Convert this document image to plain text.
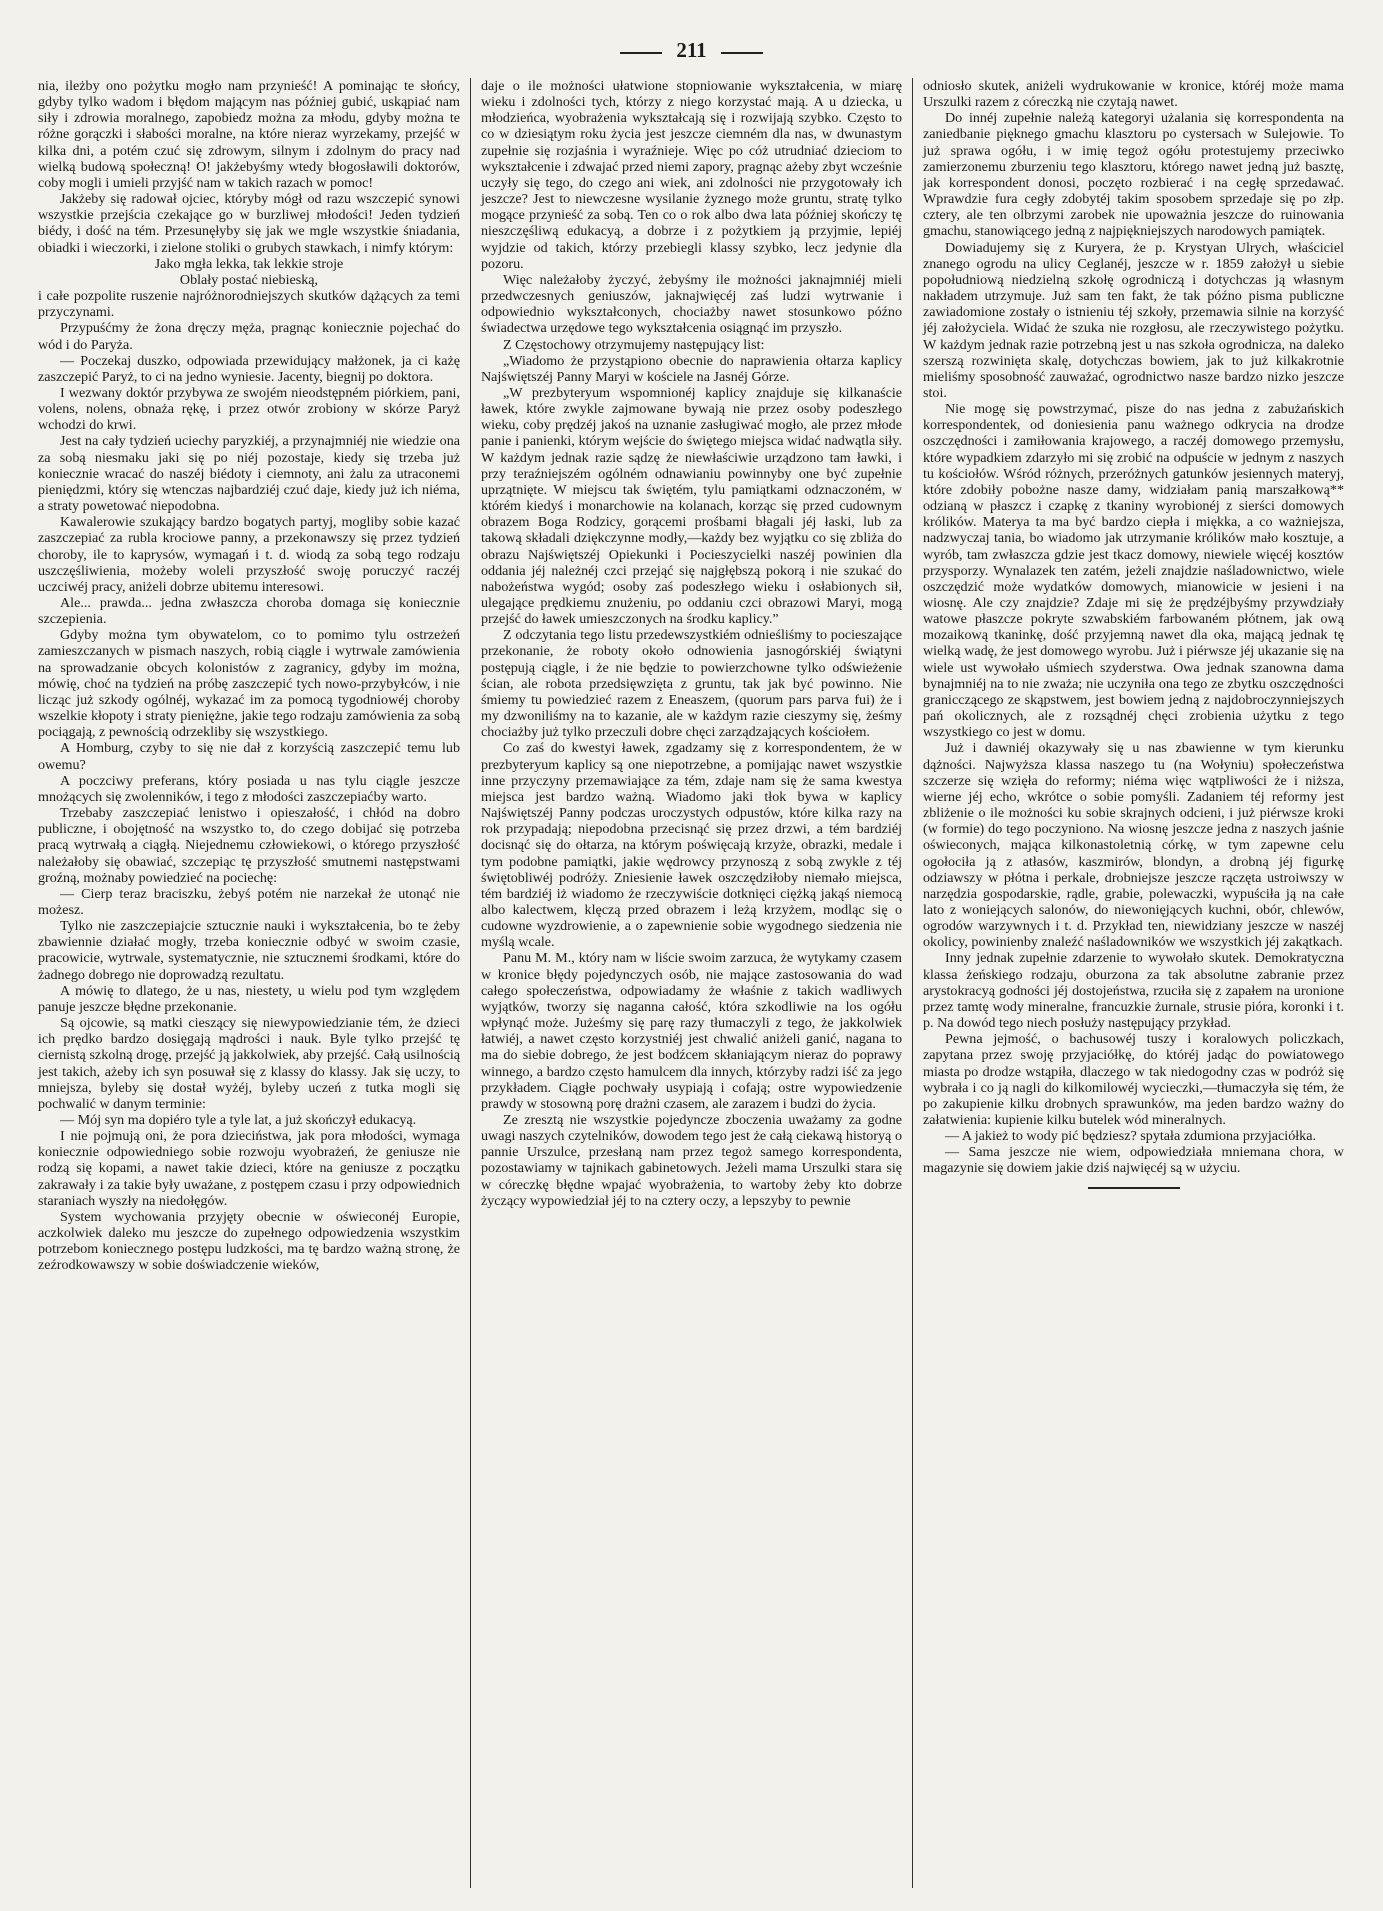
211

nia, ileżby ono pożytku mogło nam przynieść! A pominając te słońcy, gdyby tylko wadom i błędom mającym nas później gubić, uskąpiać nam siły i zdrowia moralnego, zapobiedz można za młodu, gdyby można te różne gorączki i słabości moralne, na które nieraz wyrzekamy, przejść w kilka dni, a potém czuć się zdrowym, silnym i zdolnym do pracy nad wielką budową społeczną! O! jakżebyśmy wtedy błogosławili doktorów, coby mogli i umieli przyjść nam w takich razach w pomoc!

Jakżeby się radował ojciec, któryby mógł od razu wszczepić synowi wszystkie przejścia czekające go w burzliwej młodości! Jeden tydzień biédy, i dość na tém. Przesunęłyby się jak we mgle wszystkie śniadania, obiadki i wieczorki, i zielone stoliki o grubych stawkach, i nimfy którym:

Jako mgła lekka, tak lekkie stroje

Oblały postać niebieską,

i całe pozpolite ruszenie najróżnorodniejszych skutków dążących za temi przyczynami.

Przypuśćmy że żona dręczy męża, pragnąc koniecznie pojechać do wód i do Paryża.

— Poczekaj duszko, odpowiada przewidujący małżonek, ja ci każę zaszczepić Paryż, to ci na jedno wyniesie. Jacenty, biegnij po doktora.

I wezwany doktór przybywa ze swojém nieodstępném piórkiem, pani, volens, nolens, obnaża rękę, i przez otwór zrobiony w skórze Paryż wchodzi do krwi.

Jest na cały tydzień uciechy paryzkiéj, a przynajmniéj nie wiedzie ona za sobą niesmaku jaki się po niéj pozostaje, kiedy się trzeba już koniecznie wracać do naszéj biédoty i ciemnoty, ani żalu za utraconemi pieniędzmi, który się wtenczas najbardziéj czuć daje, kiedy już ich niéma, a straty powetować niepodobna.

Kawalerowie szukający bardzo bogatych partyj, mogliby sobie kazać zaszczepiać za rubla krociowe panny, a przekonawszy się przez tydzień choroby, ile to kaprysów, wymagań i t. d. wiodą za sobą tego rodzaju uszczęśliwienia, możeby woleli przyszłość swoję poruczyć raczéj uczciwéj pracy, aniżeli dobrze ubitemu interesowi.

Ale... prawda... jedna zwłaszcza choroba domaga się koniecznie szczepienia.

Gdyby można tym obywatelom, co to pomimo tylu ostrzeżeń zamieszczanych w pismach naszych, robią ciągle i wytrwale zamówienia na sprowadzanie obcych kolonistów z zagranicy, gdyby im można, mówię, choć na tydzień na próbę zaszczepić tych nowo-przybyłców, i nie licząc już szkody ogólnéj, wykazać im za pomocą tygodniowéj choroby wszelkie kłopoty i straty pieniężne, jakie tego rodzaju zamówienia za sobą pociągają, z pewnością odrzekliby się wszystkiego.

A Homburg, czyby to się nie dał z korzyścią zaszczepić temu lub owemu?

A poczciwy preferans, który posiada u nas tylu ciągle jeszcze mnożących się zwolenników, i tego z młodości zaszczepiaćby warto.

Trzebaby zaszczepiać lenistwo i opieszałość, i chłód na dobro publiczne, i obojętność na wszystko to, do czego dobijać się potrzeba pracą wytrwałą a ciągłą. Niejednemu człowiekowi, o którego przyszłość należałoby się obawiać, szczepiąc tę przyszłość smutnemi następstwami groźną, możnaby powiedzieć na pociechę:

— Cierp teraz braciszku, żebyś potém nie narzekał że utonąć nie możesz.

Tylko nie zaszczepiajcie sztucznie nauki i wykształcenia, bo te żeby zbawiennie działać mogły, trzeba koniecznie odbyć w swoim czasie, pracowicie, wytrwale, systematycznie, nie sztucznemi środkami, które do żadnego dobrego nie doprowadzą rezultatu.

A mówię to dlatego, że u nas, niestety, u wielu pod tym względem panuje jeszcze błędne przekonanie.

Są ojcowie, są matki cieszący się niewypowiedzianie tém, że dzieci ich prędko bardzo dosięgają mądrości i nauk. Byle tylko przejść tę ciernistą szkolną drogę, przejść ją jakkolwiek, aby przejść. Całą usilnością jest takich, ażeby ich syn posuwał się z klassy do klassy. Jak się uczy, to mniejsza, byleby się dostał wyżéj, byleby uczeń z tutka mogli się pochwalić w danym terminie:

— Mój syn ma dopiéro tyle a tyle lat, a już skończył edukacyą.

I nie pojmują oni, że pora dzieciństwa, jak pora młodości, wymaga koniecznie odpowiedniego sobie rozwoju wyobrażeń, że geniusze nie rodzą się kopami, a nawet takie dzieci, które na geniusze z początku zakrawały i za takie były uważane, z postępem czasu i przy odpowiednich staraniach wyszły na niedołęgów.

System wychowania przyjęty obecnie w oświeconéj Europie, aczkolwiek daleko mu jeszcze do zupełnego odpowiedzenia wszystkim potrzebom koniecznego postępu ludzkości, ma tę bardzo ważną stronę, że zeźrodkowawszy w sobie doświadczenie wieków,

daje o ile możności ułatwione stopniowanie wykształcenia, w miarę wieku i zdolności tych, którzy z niego korzystać mają. A u dziecka, u młodzieńca, wyobrażenia wykształcają się i rozwijają szybko. Często to co w dziesiątym roku życia jest jeszcze ciemném dla nas, w dwunastym zupełnie się rozjaśnia i wyraźnieje. Więc po cóż utrudniać dzieciom to wykształcenie i zdwajać przed niemi zapory, pragnąc ażeby zbyt wcześnie uczyły się tego, do czego ani wiek, ani zdolności nie przygotowały ich jeszcze? Jest to niewczesne wysilanie żyznego może gruntu, stratę tylko mogące przynieść za sobą. Ten co o rok albo dwa lata później skończy tę nieszczęśliwą edukacyą, a dobrze i z pożytkiem ją przyjmie, lepiéj wyjdzie od takich, którzy przebiegli klassy szybko, lecz jedynie dla pozoru.

Więc należałoby życzyć, żebyśmy ile możności jaknajmniéj mieli przedwczesnych geniuszów, jaknajwięcéj zaś ludzi wytrwanie i odpowiednio wykształconych, chociażby nawet stosunkowo późno świadectwa urzędowe tego wykształcenia osiągnąć im przyszło.

Z Częstochowy otrzymujemy następujący list:

„Wiadomo że przystąpiono obecnie do naprawienia ołtarza kaplicy Najświętszéj Panny Maryi w kościele na Jasnéj Górze.

„W prezbyteryum wspomnionéj kaplicy znajduje się kilkanaście ławek, które zwykle zajmowane bywają nie przez osoby podeszłego wieku, coby prędzéj jakoś na uznanie zasługiwać mogło, ale przez młode panie i panienki, którym wejście do świętego miejsca widać nadwątla siły. W każdym jednak razie sądzę że niewłaściwie urządzono tam ławki, i przy teraźniejszém ogólném odnawianiu powinnyby one być zupełnie uprzątnięte. W miejscu tak świętém, tylu pamiątkami odznaczoném, w którém kiedyś i monarchowie na kolanach, korząc się przed cudownym obrazem Boga Rodzicy, gorącemi prośbami błagali jéj łaski, lub za takową składali dziękczynne modły,—każdy bez wyjątku co się zbliża do obrazu Najświętszéj Opiekunki i Pocieszycielki naszéj powinien dla oddania jéj należnéj czci przejąć się najgłębszą pokorą i nie szukać do nabożeństwa wygód; osoby zaś podeszłego wieku i osłabionych sił, ulegające prędkiemu znużeniu, po oddaniu czci obrazowi Maryi, mogą przejść do ławek umieszczonych na środku kaplicy.”

Z odczytania tego listu przedewszystkiém odnieśliśmy to pocieszające przekonanie, że roboty około odnowienia jasnogórskiéj świątyni postępują ciągle, i że nie będzie to powierzchowne tylko odświeżenie ścian, ale robota przedsięwzięta z gruntu, tak jak być powinno. Nie śmiemy tu powiedzieć razem z Eneaszem, (quorum pars parva fui) że i my dzwoniliśmy na to kazanie, ale w każdym razie cieszymy się, żeśmy chociażby już tylko przeczuli dobre chęci zarządzających kościołem.

Co zaś do kwestyi ławek, zgadzamy się z korrespondentem, że w prezbyteryum kaplicy są one niepotrzebne, a pomijając nawet wszystkie inne przyczyny przemawiające za tém, zdaje nam się że sama kwestya miejsca jest bardzo ważną. Wiadomo jaki tłok bywa w kaplicy Najświętszéj Panny podczas uroczystych odpustów, które kilka razy na rok przypadają; niepodobna przecisnąć się przez drzwi, a tém bardziéj docisnąć się do ołtarza, na którym poświęcają krzyże, obrazki, medale i tym podobne pamiątki, jakie wędrowcy przynoszą z sobą zwykle z téj świętobliwéj podróży. Zniesienie ławek oszczędziłoby niemało miejsca, tém bardziéj iż wiadomo że rzeczywiście dotknięci ciężką jakąś niemocą albo kalectwem, klęczą przed obrazem i leżą krzyżem, modląc się o cudowne wyzdrowienie, a o zapewnienie sobie wygodnego siedzenia nie myślą wcale.

Panu M. M., który nam w liście swoim zarzuca, że wytykamy czasem w kronice błędy pojedynczych osób, nie mające zastosowania do wad całego społeczeństwa, odpowiadamy że właśnie z takich wadliwych wyjątków, tworzy się nagannа całość, która szkodliwie na los ogółu wpłynąć może. Jużeśmy się parę razy tłumaczyli z tego, że jakkolwiek łatwiéj, a nawet często korzystniéj jest chwalić aniżeli ganić, nagana to ma do siebie dobrego, że jest bodźcem skłaniającym nieraz do poprawy winnego, a bardzo często hamulcem dla innych, którzyby radzi iść za jego przykładem. Ciągłe pochwały usypiają i cofają; ostre wypowiedzenie prawdy w stosowną porę drażni czasem, ale zarazem i budzi do życia.

Ze zresztą nie wszystkie pojedyncze zboczenia uważamy za godne uwagi naszych czytelników, dowodem tego jest że całą ciekawą historyą o pannie Urszulce, przesłaną nam przez tegoż samego korrespondenta, pozostawiamy w tajnikach gabinetowych. Jeżeli mama Urszulki stara się w córeczkę błędne wpajać wyobrażenia, to wartoby żeby kto dobrze życzący wypowiedział jéj to na cztery oczy, a lepszyby to pewnie

odniosło skutek, aniżeli wydrukowanie w kronice, któréj może mama Urszulki razem z córeczką nie czytają nawet.

Do innéj zupełnie należą kategoryi użalania się korrespondenta na zaniedbanie pięknego gmachu klasztoru po cystersach w Sulejowie. To już sprawa ogółu, i w imię tegoż ogółu protestujemy przeciwko zamierzonemu zburzeniu tego klasztoru, którego nawet jedną już basztę, jak korrespondent donosi, poczęto rozbierać i na cegłę sprzedawać. Wprawdzie fura cegły zdobytéj takim sposobem sprzedaje się po złp. cztery, ale ten olbrzymi zarobek nie upoważnia jeszcze do ruinowania gmachu, stanowiącego jedną z najpiękniejszych narodowych pamiątek.

Dowiadujemy się z Kuryera, że p. Krystyan Ulrych, właściciel znanego ogrodu na ulicy Ceglanéj, jeszcze w r. 1859 założył u siebie popołudniową niedzielną szkołę ogrodniczą i dotychczas ją własnym nakładem utrzymuje. Już sam ten fakt, że tak późno pisma publiczne zawiadomione zostały o istnieniu téj szkoły, przemawia silnie na korzyść jéj założyciela. Widać że szuka nie rozgłosu, ale rzeczywistego pożytku. W każdym jednak razie potrzebną jest u nas szkoła ogrodnicza, na daleko szerszą rozwinięta skalę, dotychczas bowiem, jak to już kilkakrotnie mieliśmy sposobność zauważać, ogrodnictwo nasze bardzo nizko jeszcze stoi.

Nie mogę się powstrzymać, pisze do nas jedna z zabużańskich korrespondentek, od doniesienia panu ważnego odkrycia na drodze oszczędności i zamiłowania krajowego, a raczéj domowego przemysłu, które wypadkiem zdarzyło mi się zrobić na odpuście w jednym z naszych tu kościołów. Wśród różnych, przeróżnych gatunków jesiennych materyj, które zdobiły pobożne nasze damy, widziałam panią marszałkową** odzianą w płaszcz i czapkę z tkaniny wyrobionéj z sierści domowych królików. Materya ta ma być bardzo ciepła i miękka, a co ważniejsza, nadzwyczaj tania, bo wiadomo jak utrzymanie królików mało kosztuje, a wyrób, tam zwłaszcza gdzie jest tkacz domowy, niewiele więcéj kosztów przysporzy. Wynalazek ten zatém, jeżeli znajdzie naśladownictwo, wiele oszczędzić może wydatków domowych, mianowicie w jesieni i na wiosnę. Ale czy znajdzie? Zdaje mi się że prędzéjbyśmy przywdziały watowe płaszcze pokryte szwabskiém farbowaném płótnem, jak ową mozaikową tkaninkę, dość przyjemną nawet dla oka, mającą jednak tę wielką wadę, że jest domowego wyrobu. Już i piérwsze jéj ukazanie się na wiele ust wywołało uśmiech szyderstwa. Owa jednak szanowna dama bynajmniéj na to nie zważa; nie uczyniła ona tego ze zbytku oszczędności granicczącego ze skąpstwem, jest bowiem jedną z najdobroczynniejszych pań okolicznych, ale z rozsądnéj chęci zrobienia użytku z tego wszystkiego co jest w domu.

Już i dawniéj okazywały się u nas zbawienne w tym kierunku dążności. Najwyższa klassa naszego tu (na Wołyniu) społeczeństwa szczerze się wzięła do reformy; niéma więc wątpliwości że i niższa, wierne jéj echo, wkrótce o sobie pomyśli. Zadaniem téj reformy jest zbliżenie o ile możności ku sobie skrajnych odcieni, i już piérwsze kroki (w formie) do tego poczyniono. Na wiosnę jeszcze jedna z naszych jaśnie oświeconych, mająca kilkonastoletnią córkę, w tym zapewne celu ogołociła ją z atłasów, kaszmirów, blondyn, a drobną jéj figurkę odziawszy w płótna i perkale, drobniejsze jeszcze rączęta ustroiwszy w narzędzia gospodarskie, rądle, grabie, polewaczki, wypuściła ją na całe lato z woniejących salonów, do niewonięjących kuchni, obór, chlewów, ogrodów warzywnych i t. d. Przykład ten, niewidziany jeszcze w naszéj okolicy, powinienby znaleźć naśladowników we wszystkich jéj zakątkach.

Inny jednak zupełnie zdarzenie to wywołało skutek. Demokratyczna klassa żeńskiego rodzaju, oburzona za tak absolutne zabranie przez arystokracyą godności jéj dostojeństwa, rzuciła się z zapałem na uroniоne przez tamtę wody mineralne, francuzkie żurnale, strusie pióra, koronki i t. p. Na dowód tego niech posłuży następujący przykład.

Pewna jejmość, o bachusowéj tuszy i koralowych policzkach, zapytana przez swoję przyjaciółkę, do któréj jadąc do powiatowego miasta po drodze wstąpiła, dlaczego w tak niedogodny czas w podróż się wybrała i co ją nagli do kilkomilowéj wycieczki,—tłumaczyła się tém, że po zakupienie kilku drobnych sprawunków, ma jeden bardzo ważny do załatwienia: kupienie kilku butelek wód mineralnych.

— A jakież to wody pić będziesz? spytała zdumiona przyjaciółka.

— Sama jeszcze nie wiem, odpowiedziała mniemana chora, w magazynie się dowiem jakie dziś najwięcéj są w użyciu.
